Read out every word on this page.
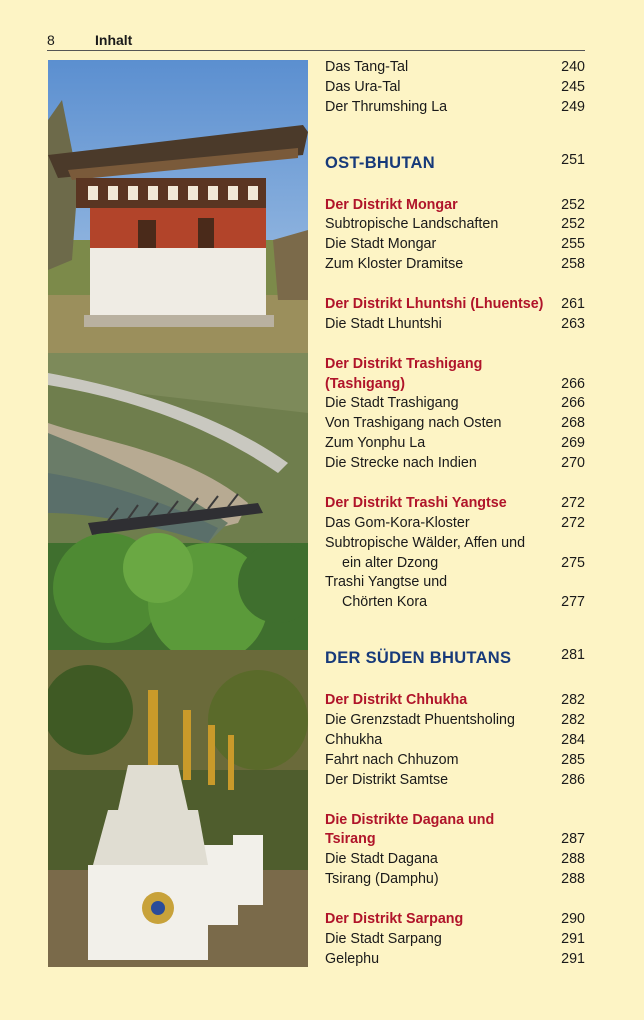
8	Inhalt
Das Tang-Tal	240
Das Ura-Tal	245
Der Thrumshing La	249
OST-BHUTAN	251
Der Distrikt Mongar	252
Subtropische Landschaften	252
Die Stadt Mongar	255
Zum Kloster Dramitse	258
Der Distrikt Lhuntshi (Lhuentse) 261
Die Stadt Lhuntshi	263
Der Distrikt Trashigang
(Tashigang)	266
Die Stadt Trashigang	266
Von Trashigang nach Osten	268
Zum Yonphu La	269
Die Strecke nach Indien	270
Der Distrikt Trashi Yangtse	272
Das Gom-Kora-Kloster	272
Subtropische Wälder, Affen und
ein alter Dzong	275
Trashi Yangtse und
Chörten Kora	277
DER SÜDEN BHUTANS	281
Der Distrikt Chhukha	282
Die Grenzstadt Phuentsholing	282
Chhukha	284
Fahrt nach Chhuzom	285
Der Distrikt Samtse	286
Die Distrikte Dagana und
Tsirang	287
Die Stadt Dagana	288
Tsirang (Damphu)	288
Der Distrikt Sarpang	290
Die Stadt Sarpang	291
Gelephu	291
